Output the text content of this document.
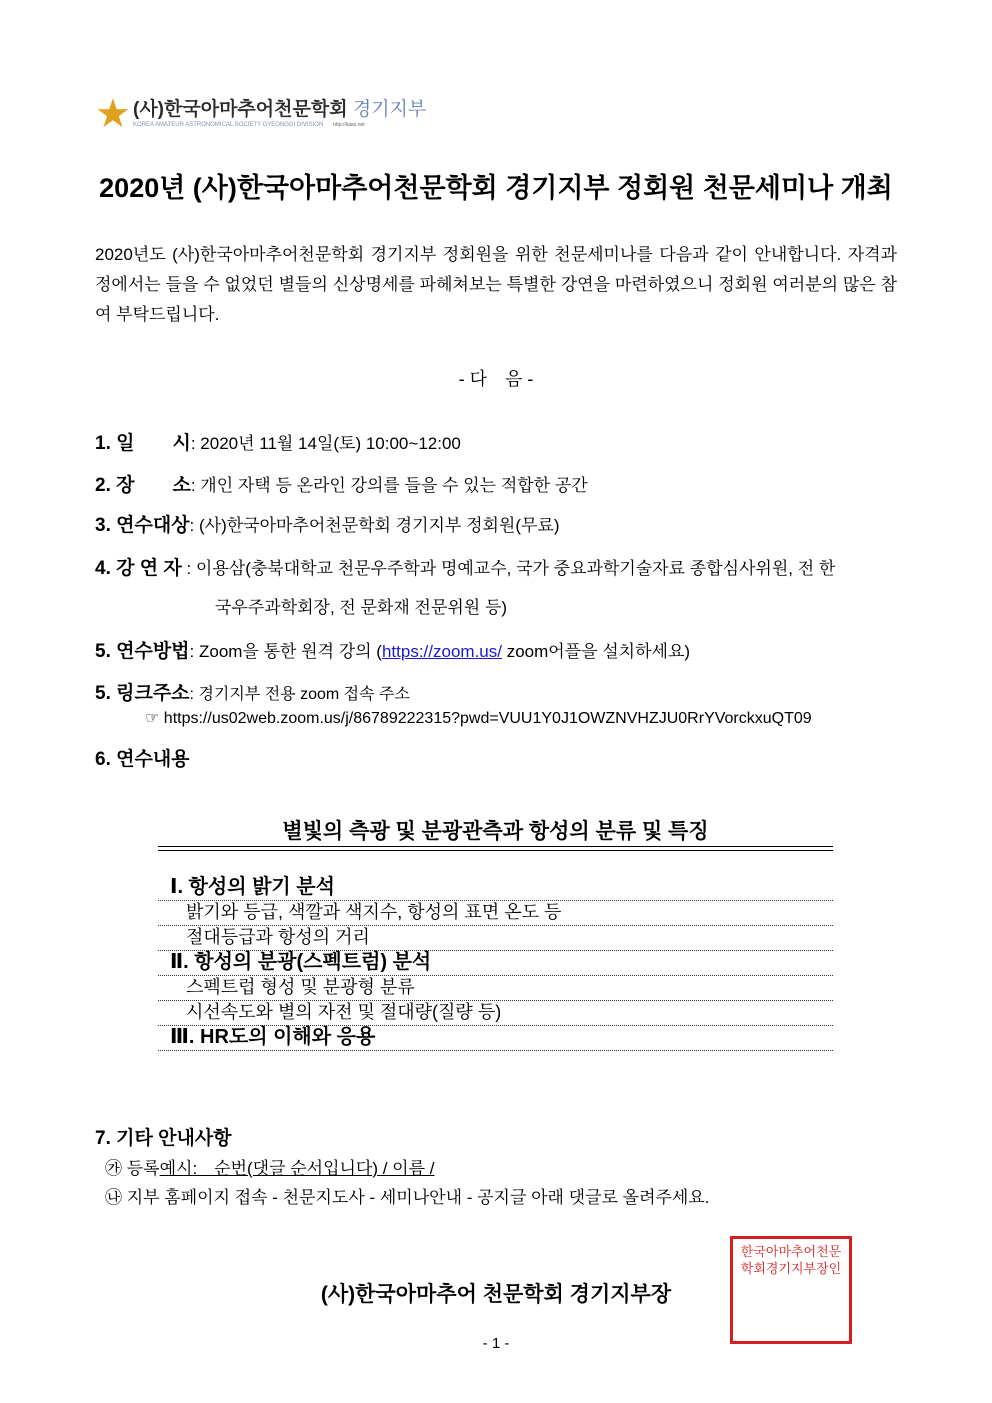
★ (사)한국아마추어천문학회 경기지부
KOREA AMATEUR ASTRONOMICAL SOCIETY GYEONGGI DIVISION http://kaas.net
2020년 (사)한국아마추어천문학회 경기지부 정회원 천문세미나 개최
2020년도 (사)한국아마추어천문학회 경기지부 정회원을 위한 천문세미나를 다음과 같이 안내합니다. 자격과정에서는 들을 수 없었던 별들의 신상명세를 파헤쳐보는 특별한 강연을 마련하였으니 정회원 여러분의 많은 참여 부탁드립니다.
- 다　음 -
1. 일　　시: 2020년 11월 14일(토) 10:00~12:00
2. 장　　소: 개인 자택 등 온라인 강의를 들을 수 있는 적합한 공간
3. 연수대상: (사)한국아마추어천문학회 경기지부 정회원(무료)
4. 강 연 자 : 이용삼(충북대학교 천문우주학과 명예교수, 국가 중요과학기술자료 종합심사위원, 전 한
국우주과학회장, 전 문화재 전문위원 등)
5. 연수방법: Zoom을 통한 원격 강의 (https://zoom.us/ zoom어플을 설치하세요)
5. 링크주소: 경기지부 전용 zoom 접속 주소
☞ https://us02web.zoom.us/j/86789222315?pwd=VUU1Y0J1OWZNVHZJU0RrYVorckxuQT09
6. 연수내용
별빛의 측광 및 분광관측과 항성의 분류 및 특징
Ⅰ. 항성의 밝기 분석
밝기와 등급, 색깔과 색지수, 항성의 표면 온도 등
절대등급과 항성의 거리
Ⅱ. 항성의 분광(스펙트럼) 분석
스펙트럽 형성 및 분광형 분류
시선속도와 별의 자전 및 절대량(질량 등)
Ⅲ. HR도의 이해와 응용
7. 기타 안내사항
㉮ 등록예시:　순번(댓글 순서입니다) / 이름 /
㉯ 지부 홈페이지 접속 - 천문지도사 - 세미나안내 - 공지글 아래 댓글로 올려주세요.
(사)한국아마추어 천문학회 경기지부장
한국아마추어천문학회경기지부장인
- 1 -
